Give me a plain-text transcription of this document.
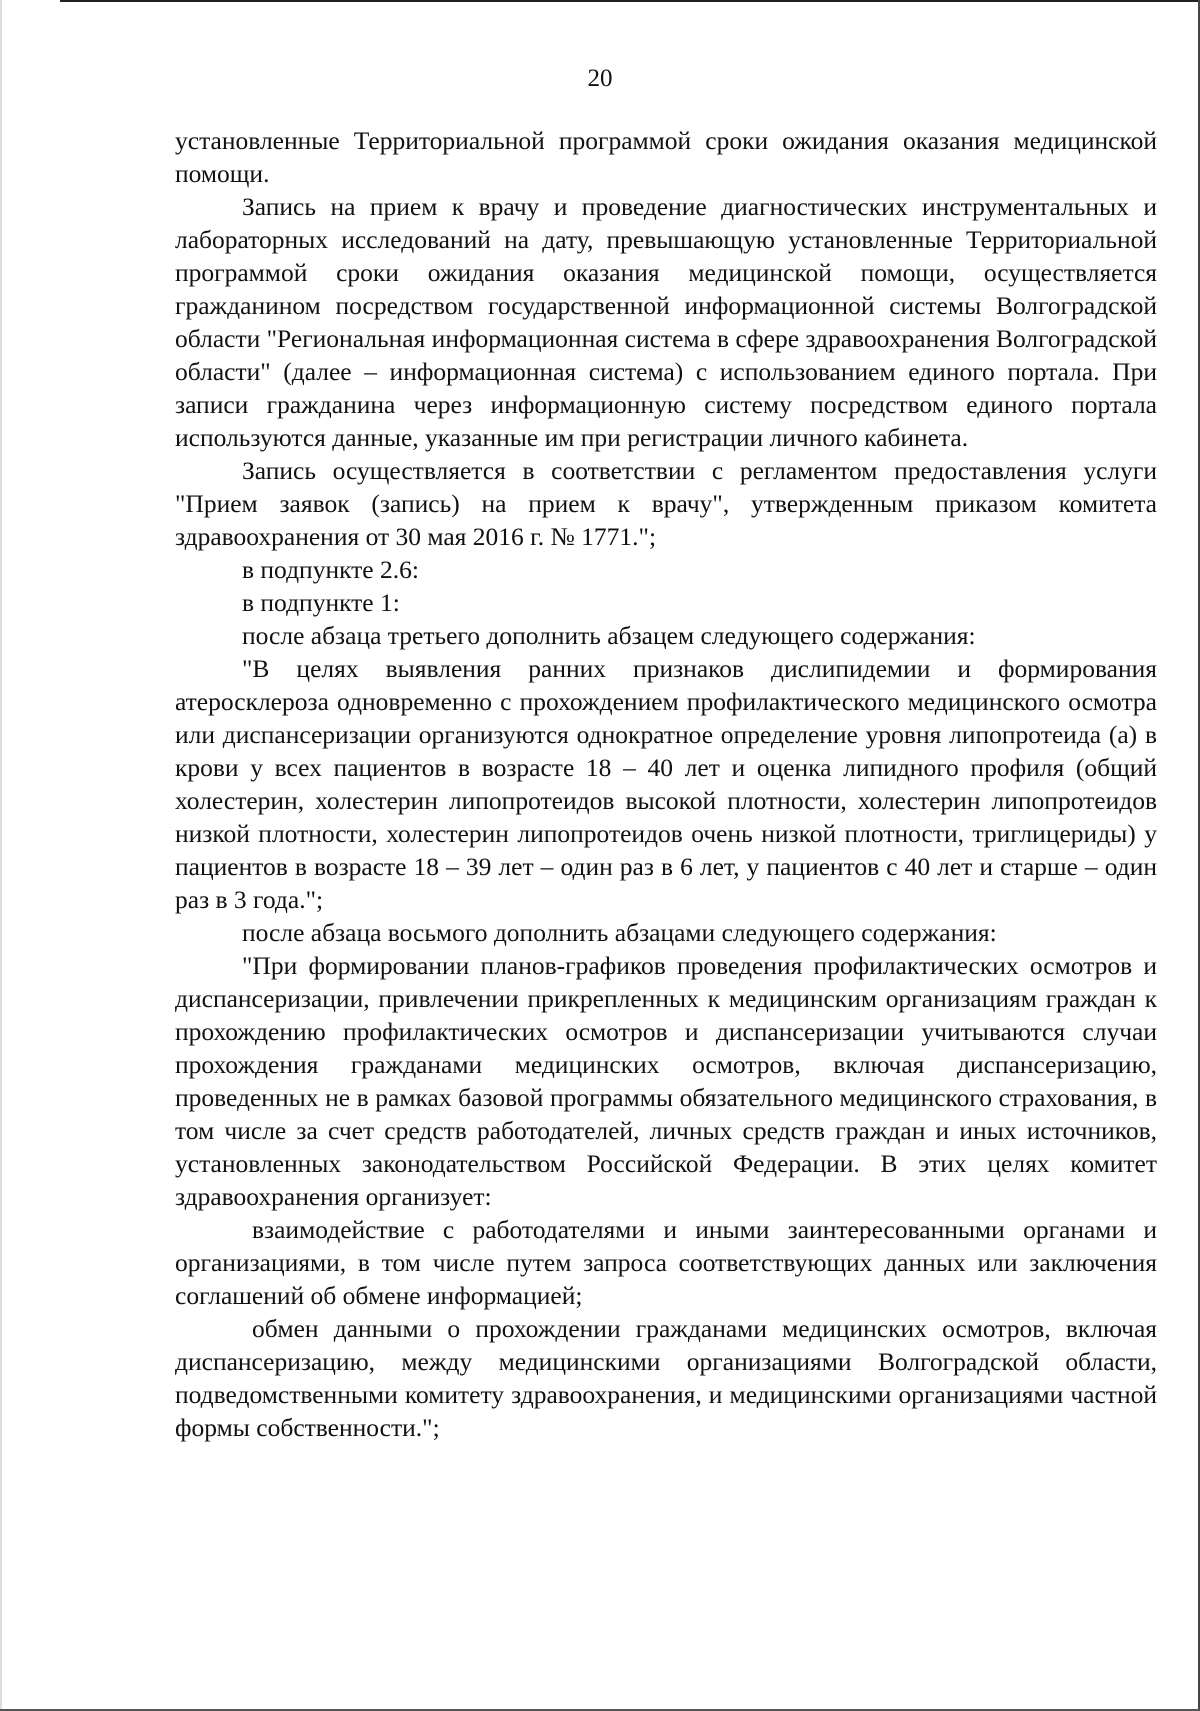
20

установленные Территориальной программой сроки ожидания оказания медицинской помощи.

Запись на прием к врачу и проведение диагностических инструментальных и лабораторных исследований на дату, превышающую установленные Территориальной программой сроки ожидания оказания медицинской помощи, осуществляется гражданином посредством государственной информационной системы Волгоградской области "Региональная информационная система в сфере здравоохранения Волгоградской области" (далее – информационная система) с использованием единого портала. При записи гражданина через информационную систему посредством единого портала используются данные, указанные им при регистрации личного кабинета.

Запись осуществляется в соответствии с регламентом предоставления услуги "Прием заявок (запись) на прием к врачу", утвержденным приказом комитета здравоохранения от 30 мая 2016 г. № 1771.";

в подпункте 2.6:

в подпункте 1:

после абзаца третьего дополнить абзацем следующего содержания:

"В целях выявления ранних признаков дислипидемии и формирования атеросклероза одновременно с прохождением профилактического медицинского осмотра или диспансеризации организуются однократное определение уровня липопротеида (а) в крови у всех пациентов в возрасте 18 – 40 лет и оценка липидного профиля (общий холестерин, холестерин липопротеидов высокой плотности, холестерин липопротеидов низкой плотности, холестерин липопротеидов очень низкой плотности, триглицериды) у пациентов в возрасте 18 – 39 лет – один раз в 6 лет, у пациентов с 40 лет и старше – один раз в 3 года.";

после абзаца восьмого дополнить абзацами следующего содержания:

"При формировании планов-графиков проведения профилактических осмотров и диспансеризации, привлечении прикрепленных к медицинским организациям граждан к прохождению профилактических осмотров и диспансеризации учитываются случаи прохождения гражданами медицинских осмотров, включая диспансеризацию, проведенных не в рамках базовой программы обязательного медицинского страхования, в том числе за счет средств работодателей, личных средств граждан и иных источников, установленных законодательством Российской Федерации. В этих целях комитет здравоохранения организует:

взаимодействие с работодателями и иными заинтересованными органами и организациями, в том числе путем запроса соответствующих данных или заключения соглашений об обмене информацией;

обмен данными о прохождении гражданами медицинских осмотров, включая диспансеризацию, между медицинскими организациями Волгоградской области, подведомственными комитету здравоохранения, и медицинскими организациями частной формы собственности.";
